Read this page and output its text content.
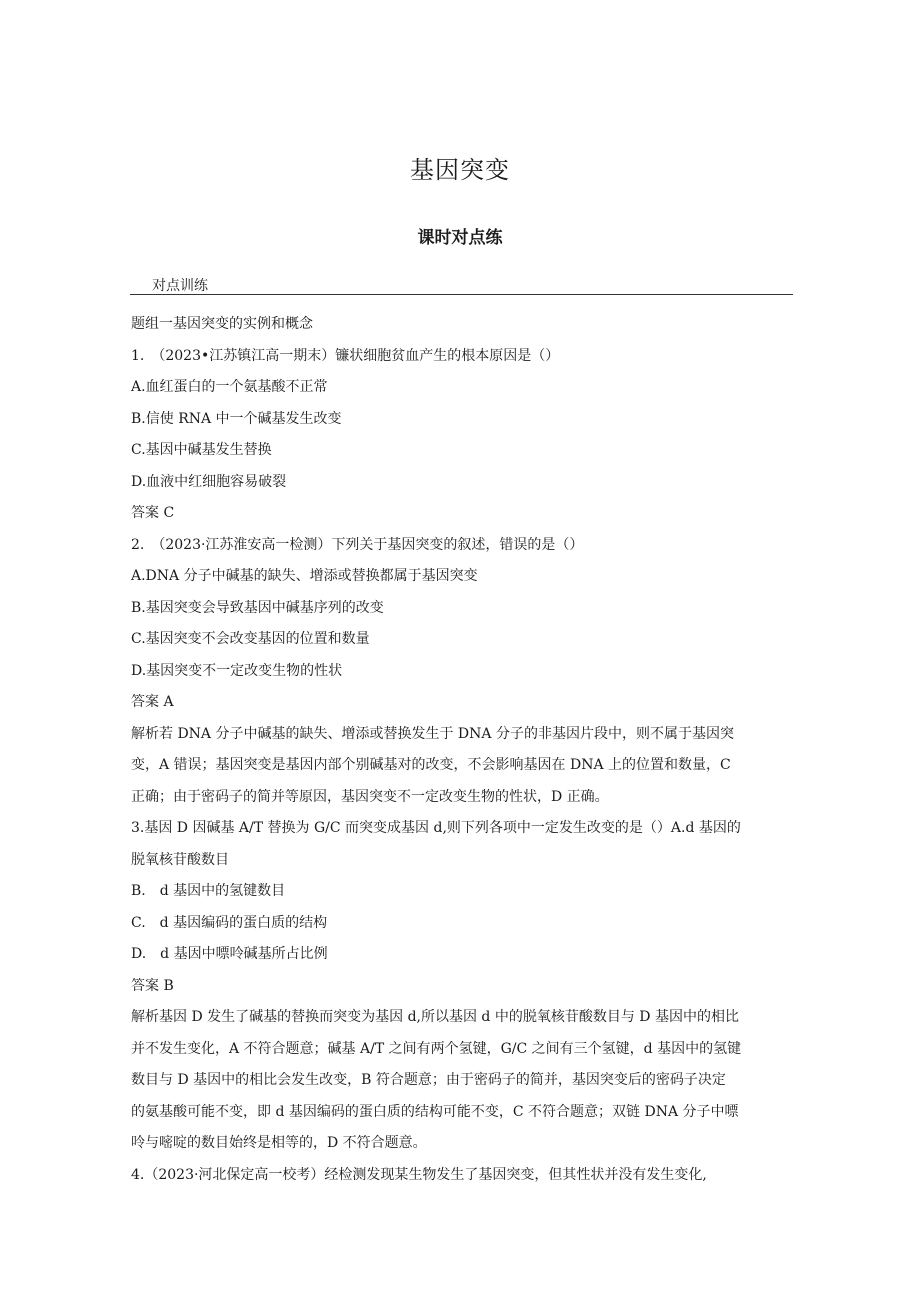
基因突变
课时对点练
对点训练

题组一基因突变的实例和概念

1.　（2023•江苏镇江高一期末）镰状细胞贫血产生的根本原因是（）

A.血红蛋白的一个氨基酸不正常

B.信使 RNA 中一个碱基发生改变

C.基因中碱基发生替换

D.血液中红细胞容易破裂

答案 C

2.　（2023·江苏淮安高一检测）下列关于基因突变的叙述，错误的是（）

A.DNA 分子中碱基的缺失、增添或替换都属于基因突变

B.基因突变会导致基因中碱基序列的改变

C.基因突变不会改变基因的位置和数量

D.基因突变不一定改变生物的性状

答案 A

解析若 DNA 分子中碱基的缺失、增添或替换发生于 DNA 分子的非基因片段中，则不属于基因突

变，A 错误；基因突变是基因内部个别碱基对的改变，不会影响基因在 DNA 上的位置和数量，C

正确；由于密码子的简并等原因，基因突变不一定改变生物的性状，D 正确。

3.基因 D 因碱基 A/T 替换为 G/C 而突变成基因 d,则下列各项中一定发生改变的是（）A.d 基因的

脱氧核苷酸数目

B.　d 基因中的氢键数目

C.　d 基因编码的蛋白质的结构

D.　d 基因中嘌呤碱基所占比例

答案 B

解析基因 D 发生了碱基的替换而突变为基因 d,所以基因 d 中的脱氧核苷酸数目与 D 基因中的相比

并不发生变化，A 不符合题意；碱基 A/T 之间有两个氢键，G/C 之间有三个氢键，d 基因中的氢键

数目与 D 基因中的相比会发生改变，B 符合题意；由于密码子的简并，基因突变后的密码子决定

的氨基酸可能不变，即 d 基因编码的蛋白质的结构可能不变，C 不符合题意；双链 DNA 分子中嘌

呤与嘧啶的数目始终是相等的，D 不符合题意。

4.（2023·河北保定高一校考）经检测发现某生物发生了基因突变，但其性状并没有发生变化,
